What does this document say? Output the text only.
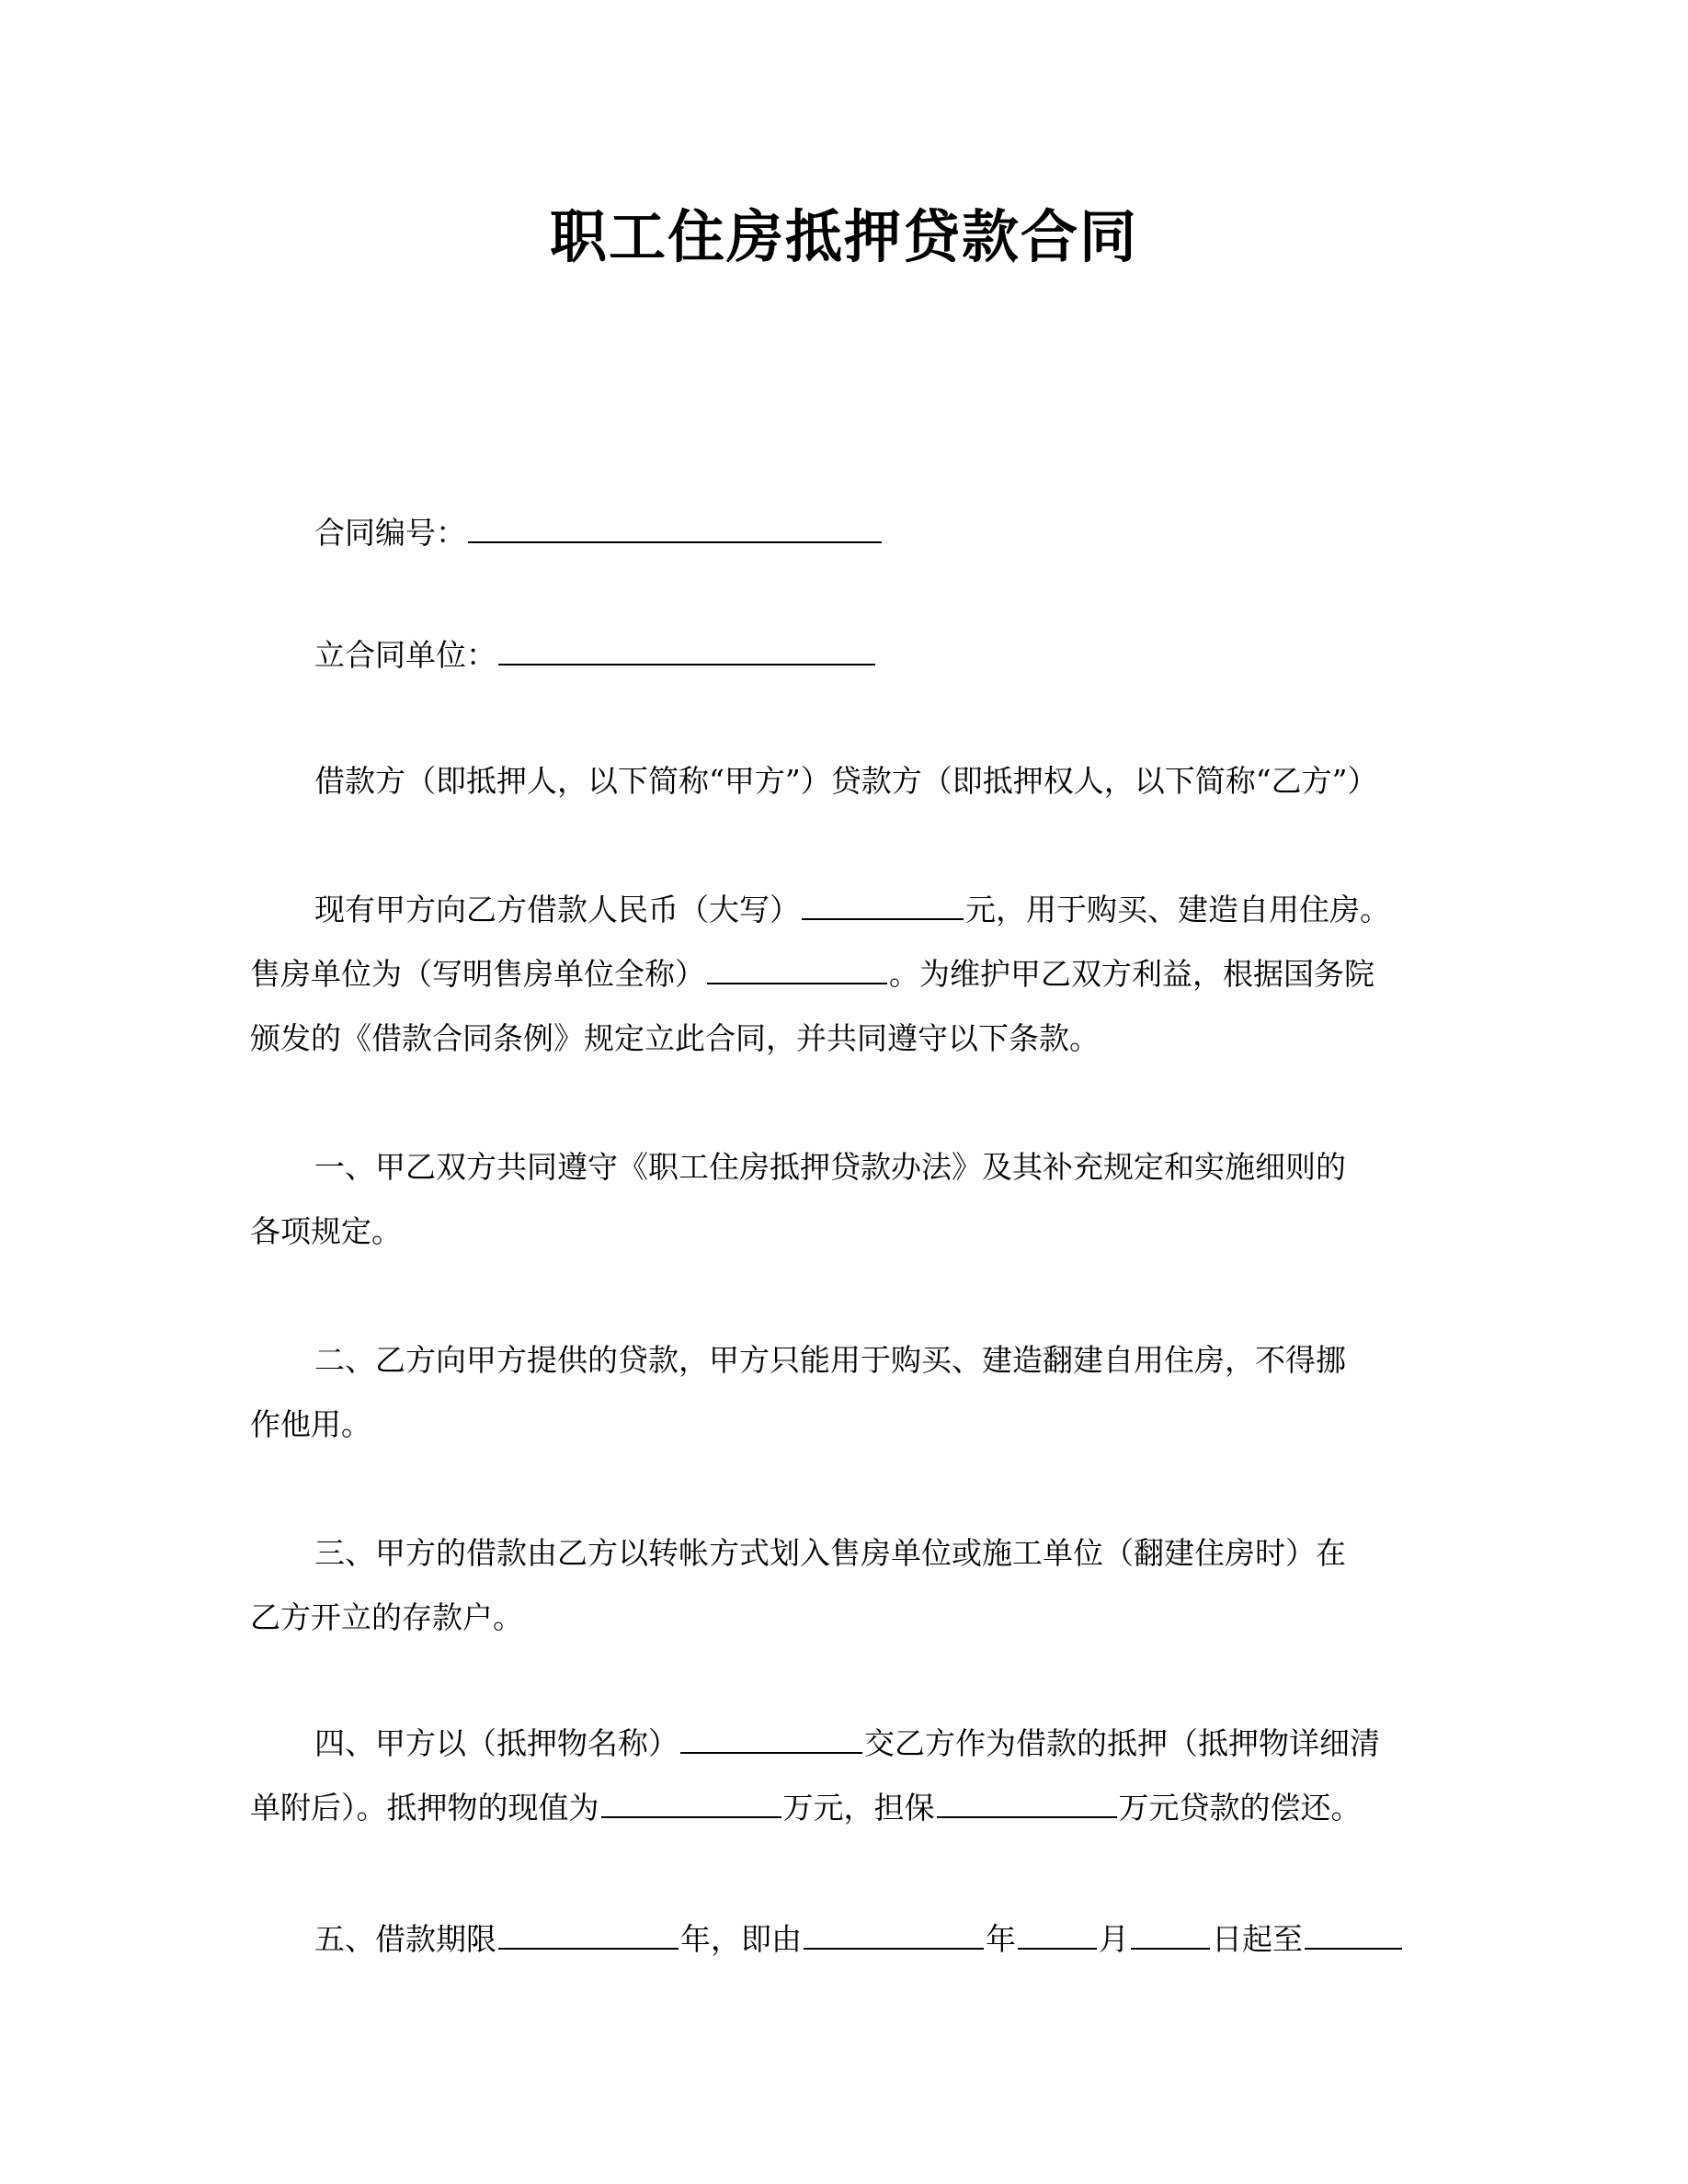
职工住房抵押贷款合同
合同编号：
立合同单位：
借款方（即抵押人，以下简称“甲方”）贷款方（即抵押权人，以下简称“乙方”）
现有甲方向乙方借款人民币（大写）	元，用于购买、建造自用住房。
售房单位为（写明售房单位全称）	。为维护甲乙双方利益，根据国务院
颁发的《借款合同条例》规定立此合同，并共同遵守以下条款。
一、甲乙双方共同遵守《职工住房抵押贷款办法》及其补充规定和实施细则的
各项规定。
二、乙方向甲方提供的贷款，甲方只能用于购买、建造翻建自用住房，不得挪
作他用。
三、甲方的借款由乙方以转帐方式划入售房单位或施工单位（翻建住房时）在
乙方开立的存款户。
四、甲方以（抵押物名称）	交乙方作为借款的抵押（抵押物详细清
单附后）。抵押物的现值为	万元，担保	万元贷款的偿还。
五、借款期限	年，即由	年	月	日起至
